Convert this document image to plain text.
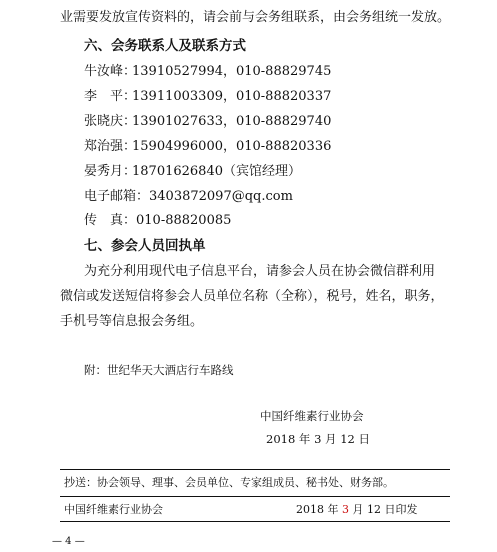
业需要发放宣传资料的，请会前与会务组联系，由会务组统一发放。
六、会务联系人及联系方式
牛汝峰：13910527994，010-88829745
李　平：13911003309，010-88820337
张晓庆：13901027633，010-88829740
郑治强：15904996000，010-88820336
晏秀月：18701626840（宾馆经理）
电子邮箱：3403872097@qq.com
传　真：010-88820085
七、参会人员回执单
为充分利用现代电子信息平台，请参会人员在协会微信群利用
微信或发送短信将参会人员单位名称（全称），税号，姓名，职务，
手机号等信息报会务组。
附：世纪华天大酒店行车路线
中国纤维素行业协会
2018 年 3 月 12 日
抄送：协会领导、理事、会员单位、专家组成员、秘书处、财务部。
中国纤维素行业协会	2018 年 3 月 12 日印发
— 4 —
